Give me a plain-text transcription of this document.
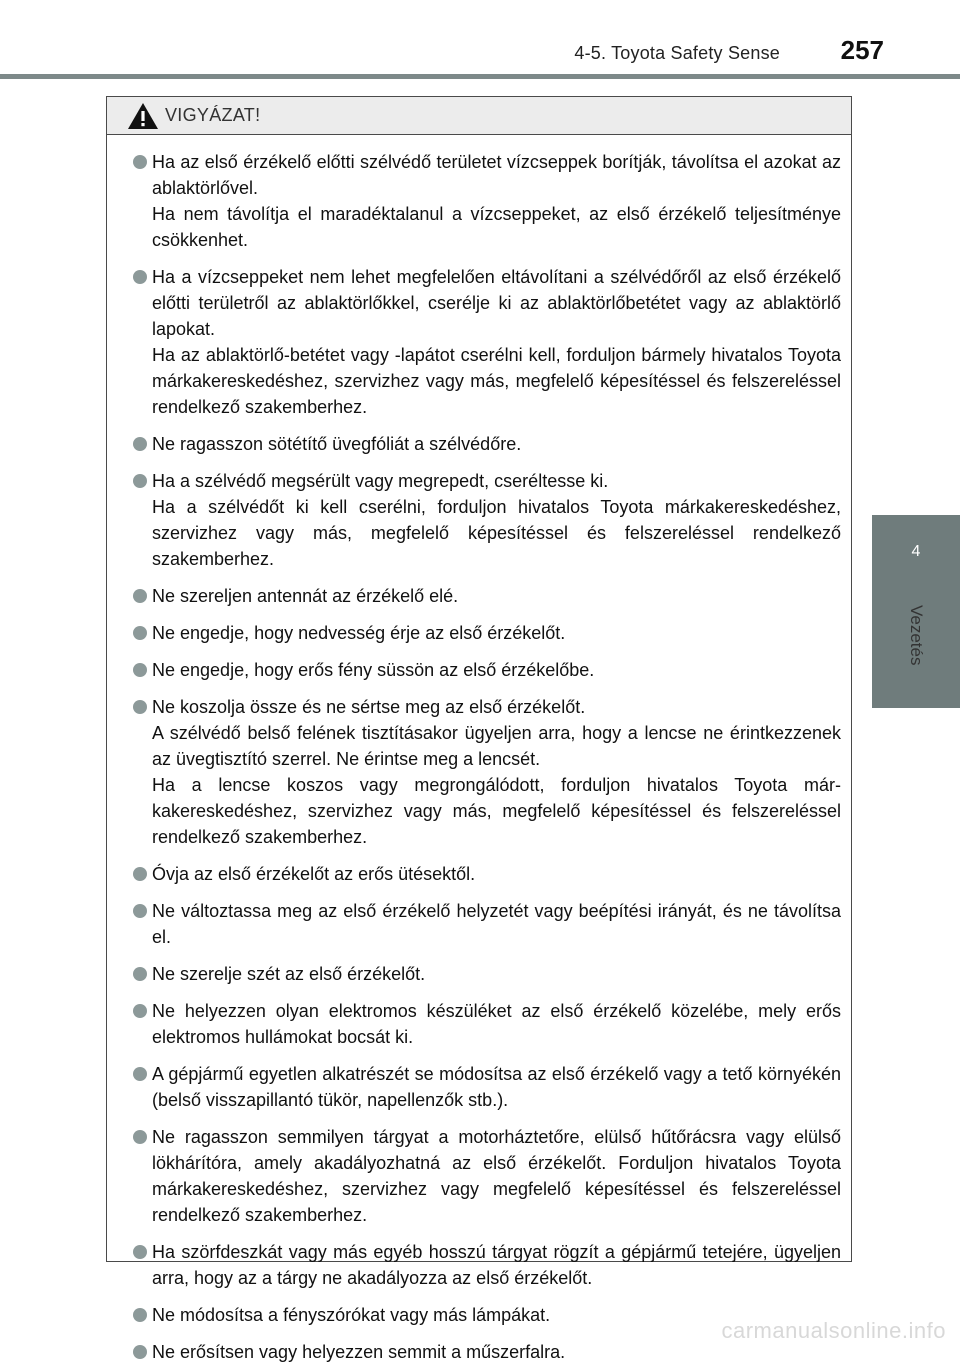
4-5. Toyota Safety Sense 257
4
Vezetés
VIGYÁZAT!

Ha az első érzékelő előtti szélvédő területet vízcseppek borítják, távolítsa el azokat az ablaktörlővel.

Ha nem távolítja el maradéktalanul a vízcseppeket, az első érzékelő teljesítménye csökkenhet.

Ha a vízcseppeket nem lehet megfelelően eltávolítani a szélvédőről az első érzékelő előtti területről az ablaktörlőkkel, cserélje ki az ablaktörlőbetétet vagy az ablaktörlő lapokat.

Ha az ablaktörlő-betétet vagy -lapátot cserélni kell, forduljon bármely hivatalos Toyota márkakereskedéshez, szervizhez vagy más, megfelelő képesítéssel és felszereléssel rendelkező szakemberhez.

Ne ragasszon sötétítő üvegfóliát a szélvédőre.

Ha a szélvédő megsérült vagy megrepedt, cseréltesse ki.

Ha a szélvédőt ki kell cserélni, forduljon hivatalos Toyota márkakereskedéshez, szervizhez vagy más, megfelelő képesítéssel és felszereléssel rendelkező szakemberhez.

Ne szereljen antennát az érzékelő elé.

Ne engedje, hogy nedvesség érje az első érzékelőt.

Ne engedje, hogy erős fény süssön az első érzékelőbe.

Ne koszolja össze és ne sértse meg az első érzékelőt.

A szélvédő belső felének tisztításakor ügyeljen arra, hogy a lencse ne érintkezzenek az üvegtisztító szerrel. Ne érintse meg a lencsét.

Ha a lencse koszos vagy megrongálódott, forduljon hivatalos Toyota márkakereskedéshez, szervizhez vagy más, megfelelő képesítéssel és felszereléssel rendelkező szakemberhez.

Óvja az első érzékelőt az erős ütésektől.

Ne változtassa meg az első érzékelő helyzetét vagy beépítési irányát, és ne távolítsa el.

Ne szerelje szét az első érzékelőt.

Ne helyezzen olyan elektromos készüléket az első érzékelő közelébe, mely erős elektromos hullámokat bocsát ki.

A gépjármű egyetlen alkatrészét se módosítsa az első érzékelő vagy a tető környékén (belső visszapillantó tükör, napellenzők stb.).

Ne ragasszon semmilyen tárgyat a motorháztetőre, elülső hűtőrácsra vagy elülső lökhárítóra, amely akadályozhatná az első érzékelőt. Forduljon hivatalos Toyota márkakereskedéshez, szervizhez vagy megfelelő képesítéssel és felszereléssel rendelkező szakemberhez.

Ha szörfdeszkát vagy más egyéb hosszú tárgyat rögzít a gépjármű tetejére, ügyeljen arra, hogy az a tárgy ne akadályozza az első érzékelőt.

Ne módosítsa a fényszórókat vagy más lámpákat.

Ne erősítsen vagy helyezzen semmit a műszerfalra.

carmanualsonline.info
